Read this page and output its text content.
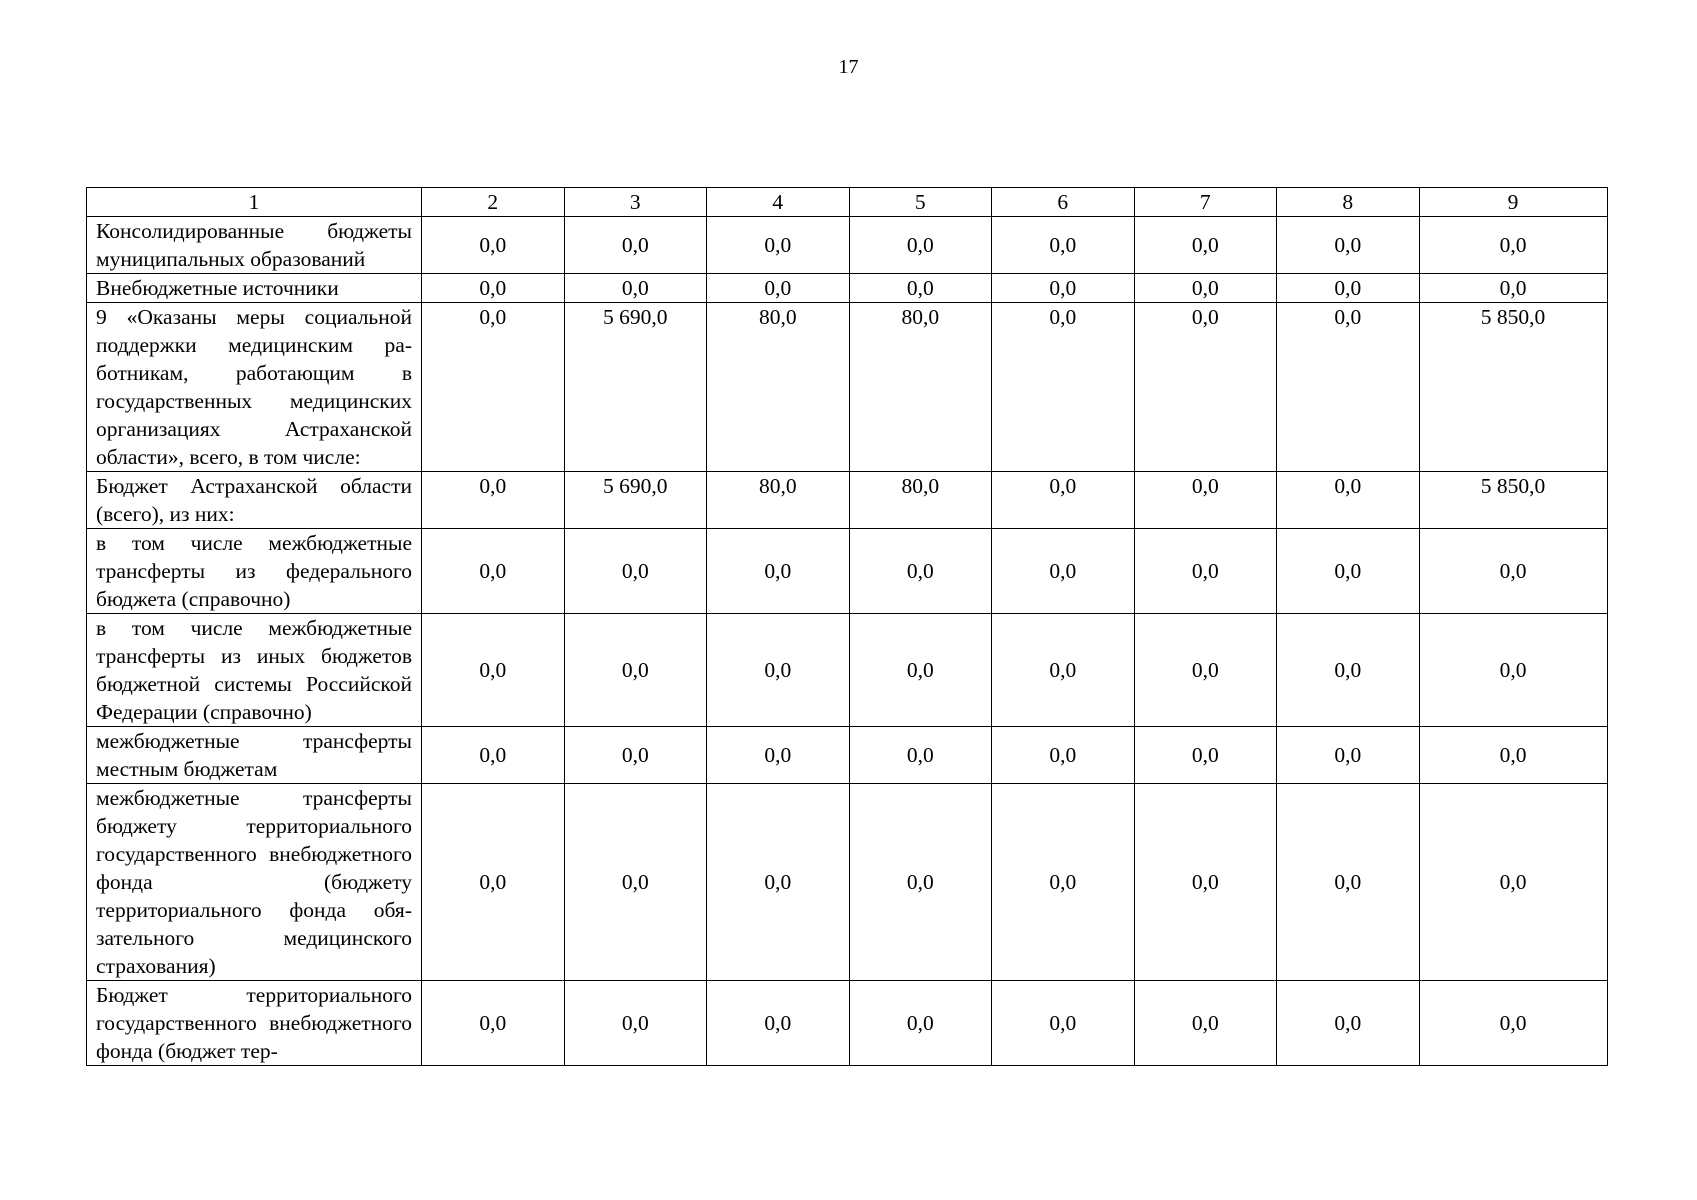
17
1	2	3	4	5	6	7	8	9
Консолидированные бюджеты муниципальных образований	0,0	0,0	0,0	0,0	0,0	0,0	0,0	0,0
Внебюджетные источники	0,0	0,0	0,0	0,0	0,0	0,0	0,0	0,0
9 «Оказаны меры социальной поддержки медицинским работникам, работающим в государственных медицинских организациях Астраханской области», всего, в том числе:	0,0	5 690,0	80,0	80,0	0,0	0,0	0,0	5 850,0
Бюджет Астраханской области (всего), из них:	0,0	5 690,0	80,0	80,0	0,0	0,0	0,0	5 850,0
в том числе межбюджетные трансферты из федерального бюджета (справочно)	0,0	0,0	0,0	0,0	0,0	0,0	0,0	0,0
в том числе межбюджетные трансферты из иных бюджетов бюджетной системы Российской Федерации (справочно)	0,0	0,0	0,0	0,0	0,0	0,0	0,0	0,0
межбюджетные трансферты местным бюджетам	0,0	0,0	0,0	0,0	0,0	0,0	0,0	0,0
межбюджетные трансферты бюджету территориального государственного внебюджетного фонда (бюджету территориального фонда обязательного медицинского страхования)	0,0	0,0	0,0	0,0	0,0	0,0	0,0	0,0
Бюджет территориального государственного внебюджетного фонда (бюджет тер-	0,0	0,0	0,0	0,0	0,0	0,0	0,0	0,0
